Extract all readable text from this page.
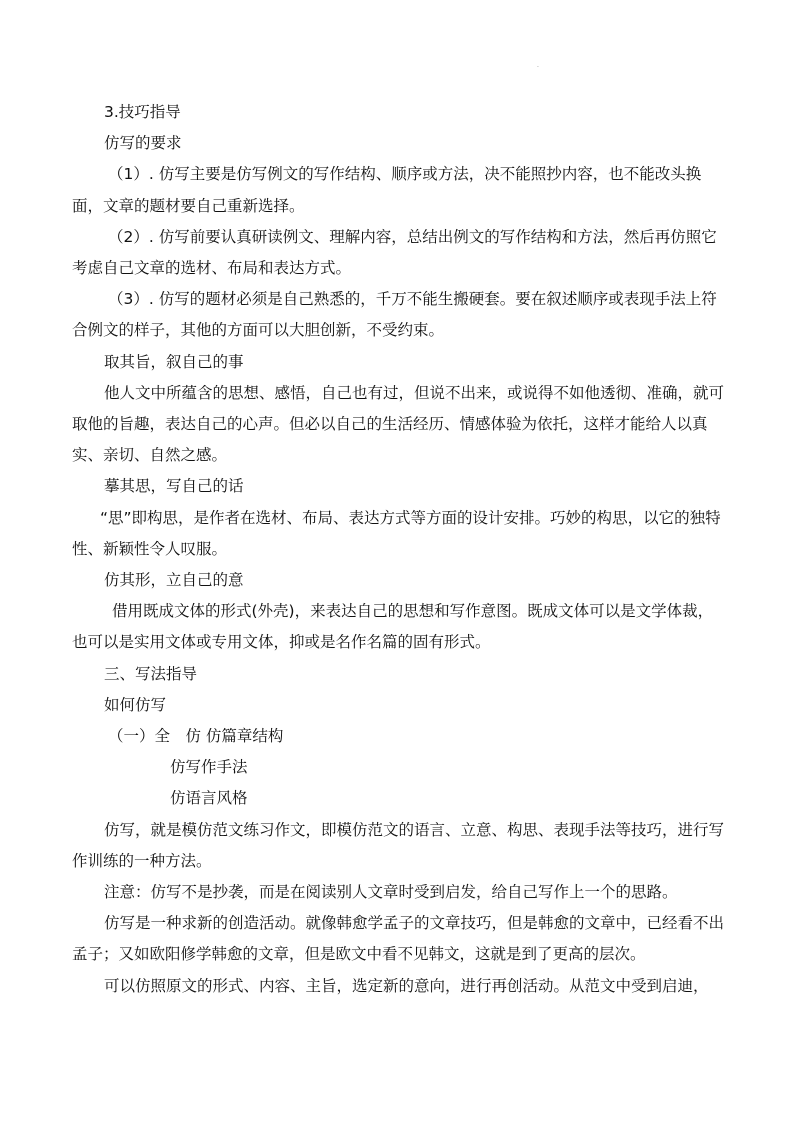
.

3.技巧指导

仿写的要求

（1）. 仿写主要是仿写例文的写作结构、顺序或方法，决不能照抄内容，也不能改头换面，文章的题材要自己重新选择。

（2）. 仿写前要认真研读例文、理解内容，总结出例文的写作结构和方法，然后再仿照它考虑自己文章的选材、布局和表达方式。

（3）. 仿写的题材必须是自己熟悉的，千万不能生搬硬套。要在叙述顺序或表现手法上符合例文的样子，其他的方面可以大胆创新，不受约束。

取其旨，叙自己的事

他人文中所蕴含的思想、感悟，自己也有过，但说不出来，或说得不如他透彻、准确，就可取他的旨趣，表达自己的心声。但必以自己的生活经历、情感体验为依托，这样才能给人以真实、亲切、自然之感。

摹其思，写自己的话

“思”即构思，是作者在选材、布局、表达方式等方面的设计安排。巧妙的构思，以它的独特性、新颖性令人叹服。

仿其形，立自己的意

借用既成文体的形式(外壳)，来表达自己的思想和写作意图。既成文体可以是文学体裁，也可以是实用文体或专用文体，抑或是名作名篇的固有形式。

三、写法指导

如何仿写

（一）全　仿 仿篇章结构

仿写作手法

仿语言风格

仿写，就是模仿范文练习作文，即模仿范文的语言、立意、构思、表现手法等技巧，进行写作训练的一种方法。

注意：仿写不是抄袭，而是在阅读别人文章时受到启发，给自己写作上一个的思路。

仿写是一种求新的创造活动。就像韩愈学孟子的文章技巧，但是韩愈的文章中，已经看不出孟子；又如欧阳修学韩愈的文章，但是欧文中看不见韩文，这就是到了更高的层次。

可以仿照原文的形式、内容、主旨，选定新的意向，进行再创活动。从范文中受到启迪，
